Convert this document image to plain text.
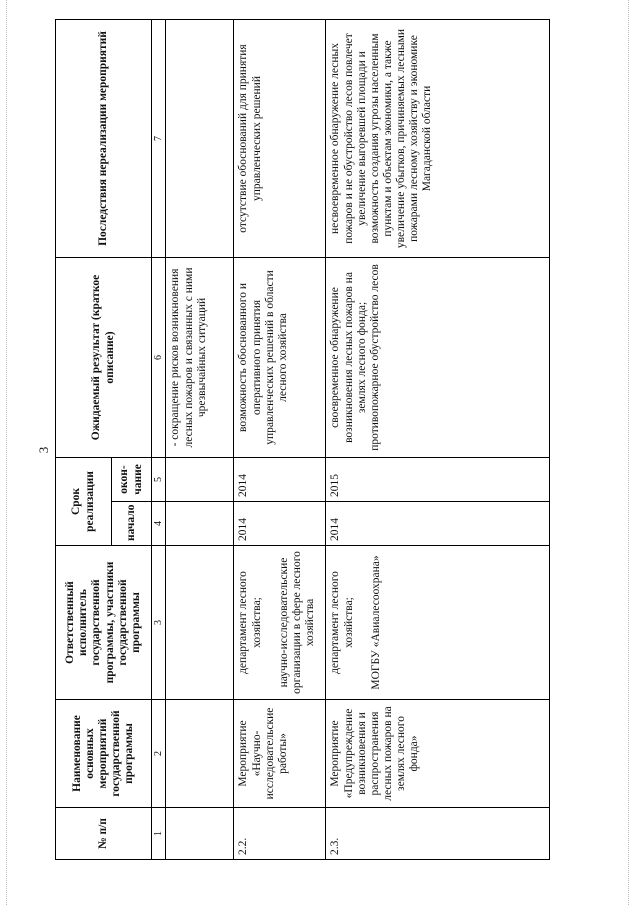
3
№ п/п	Наименование основных мероприятий государственной программы	Ответственный исполнитель государственной программы, участники государственной программы	Срок реализации		Ожидаемый результат (краткое описание)	Последствия нереализации мероприятий
			начало	окон-чание		
1	2	3	4	5	6	7
					- сокращение рисков возникновения лесных пожаров и связанных с ними чрезвычайных ситуаций	
2.2.	Мероприятие «Научно-исследовательские работы»	департамент лесного хозяйства; научно-исследовательские организации в сфере лесного хозяйства	2014	2014	возможность обоснованного и оперативного принятия управленческих решений в области лесного хозяйства	отсутствие обоснований для принятия управленческих решений
2.3.	Мероприятие «Предупреждение возникновения и распространения лесных пожаров на землях лесного фонда»	департамент лесного хозяйства; МОГБУ «Авиалесоохрана»	2014	2015	своевременное обнаружение возникновения лесных пожаров на землях лесного фонда; противопожарное обустройство лесов	несвоевременное обнаружение лесных пожаров и не обустройство лесов повлечет увеличение выгоревшей площади и возможность создания угрозы населенным пунктам и объектам экономики, а также увеличение убытков, причиняемых лесными пожарами лесному хозяйству и экономике Магаданской области
